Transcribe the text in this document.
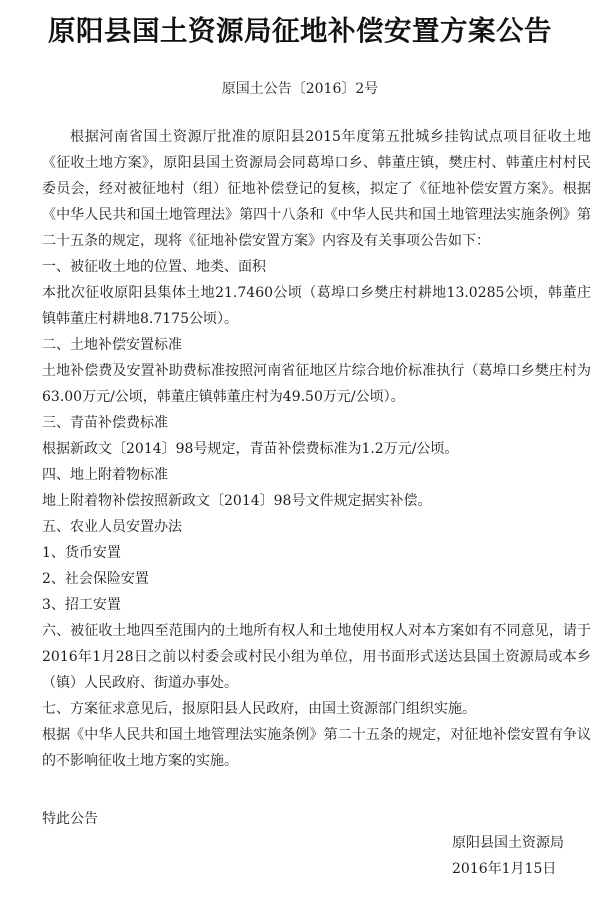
原阳县国土资源局征地补偿安置方案公告
原国土公告〔2016〕2号

根据河南省国土资源厅批准的原阳县2015年度第五批城乡挂钩试点项目征收土地《征收土地方案》，原阳县国土资源局会同葛埠口乡、韩董庄镇，樊庄村、韩董庄村村民委员会，经对被征地村（组）征地补偿登记的复核，拟定了《征地补偿安置方案》。根据《中华人民共和国土地管理法》第四十八条和《中华人民共和国土地管理法实施条例》第二十五条的规定，现将《征地补偿安置方案》内容及有关事项公告如下：

一、被征收土地的位置、地类、面积

本批次征收原阳县集体土地21.7460公顷（葛埠口乡樊庄村耕地13.0285公顷，韩董庄镇韩董庄村耕地8.7175公顷）。

二、土地补偿安置标准

土地补偿费及安置补助费标准按照河南省征地区片综合地价标准执行（葛埠口乡樊庄村为63.00万元/公顷，韩董庄镇韩董庄村为49.50万元/公顷）。

三、青苗补偿费标准

根据新政文〔2014〕98号规定，青苗补偿费标准为1.2万元/公顷。

四、地上附着物标准

地上附着物补偿按照新政文〔2014〕98号文件规定据实补偿。

五、农业人员安置办法

1、货币安置

2、社会保险安置

3、招工安置

六、被征收土地四至范围内的土地所有权人和土地使用权人对本方案如有不同意见，请于2016年1月28日之前以村委会或村民小组为单位，用书面形式送达县国土资源局或本乡（镇）人民政府、街道办事处。

七、方案征求意见后，报原阳县人民政府，由国土资源部门组织实施。

根据《中华人民共和国土地管理法实施条例》第二十五条的规定，对征地补偿安置有争议的不影响征收土地方案的实施。

特此公告
原阳县国土资源局
2016年1月15日
